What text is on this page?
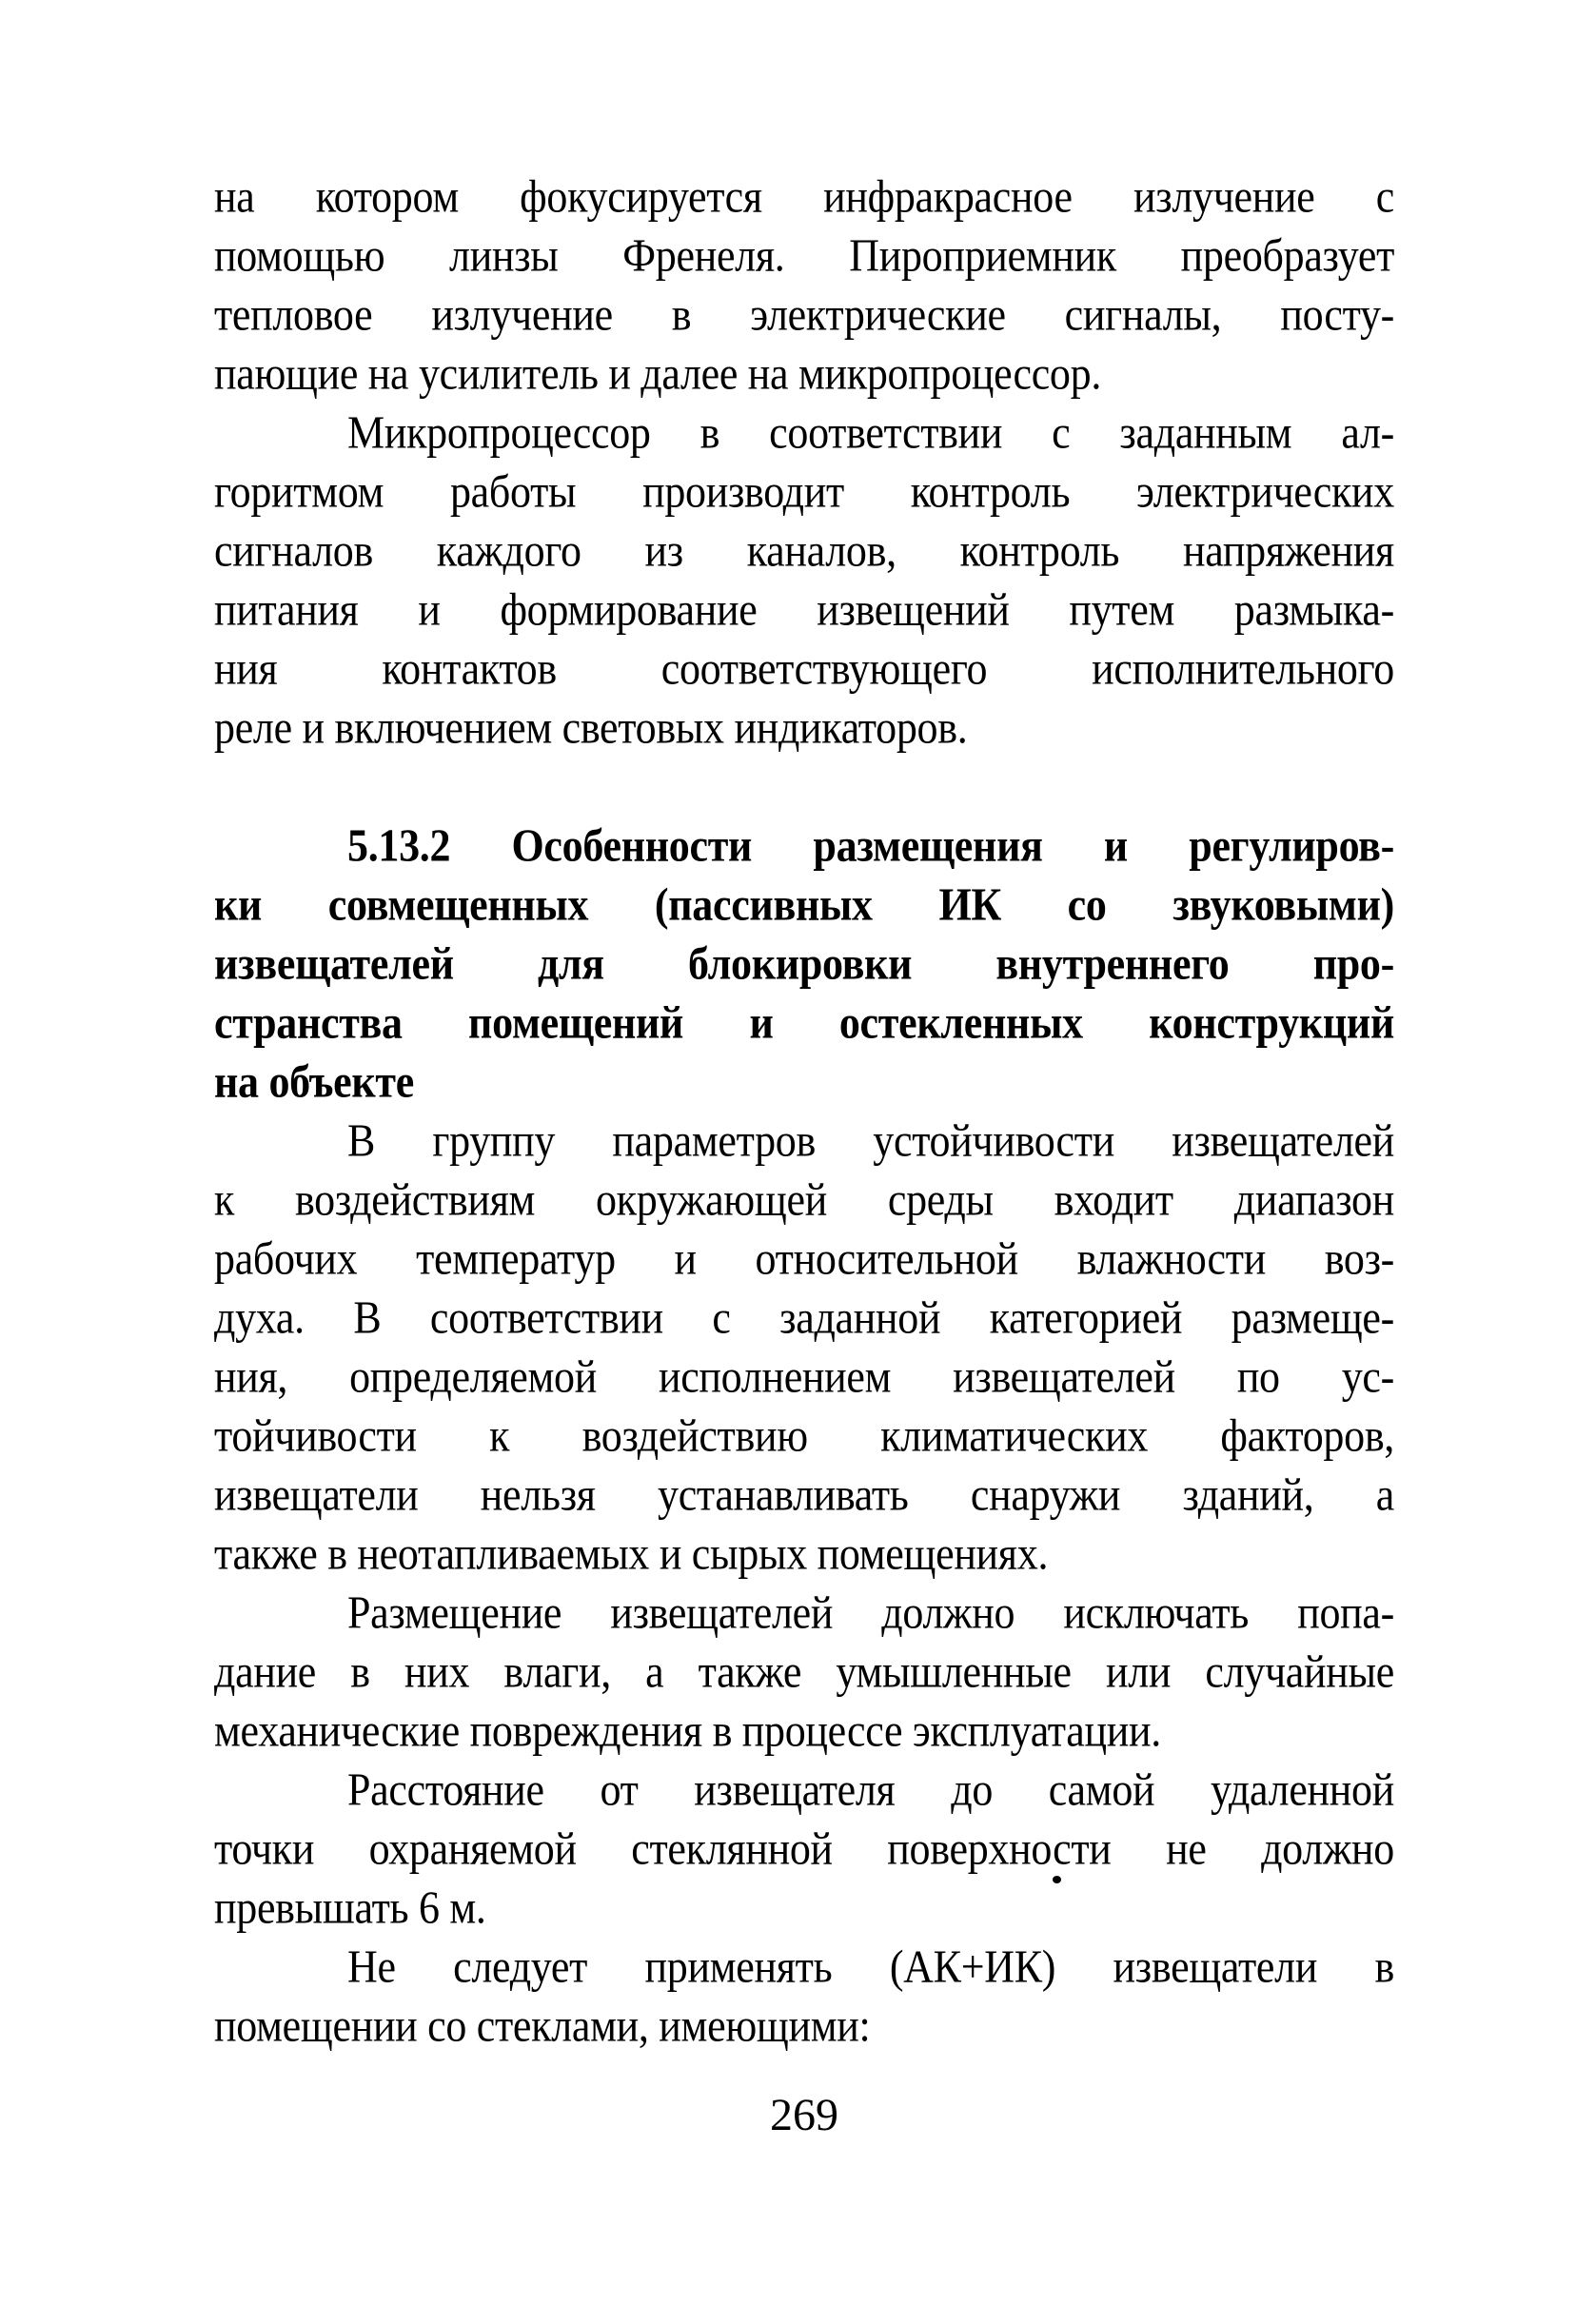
на котором фокусируется инфракрасное излучение с
помощью линзы Френеля. Пироприемник преобразует
тепловое излучение в электрические сигналы, посту-
пающие на усилитель и далее на микропроцессор.
Микропроцессор в соответствии с заданным ал-
горитмом работы производит контроль электрических
сигналов каждого из каналов, контроль напряжения
питания и формирование извещений путем размыка-
ния контактов соответствующего исполнительного
реле и включением световых индикаторов.
5.13.2 Особенности размещения и регулиров-
ки совмещенных (пассивных ИК со звуковыми)
извещателей для блокировки внутреннего про-
странства помещений и остекленных конструкций
на объекте
В группу параметров устойчивости извещателей
к воздействиям окружающей среды входит диапазон
рабочих температур и относительной влажности воз-
духа. В соответствии с заданной категорией размеще-
ния, определяемой исполнением извещателей по ус-
тойчивости к воздействию климатических факторов,
извещатели нельзя устанавливать снаружи зданий, а
также в неотапливаемых и сырых помещениях.
Размещение извещателей должно исключать попа-
дание в них влаги, а также умышленные или случайные
механические повреждения в процессе эксплуатации.
Расстояние от извещателя до самой удаленной
точки охраняемой стеклянной поверхности не должно
превышать 6 м.
Не следует применять (АК+ИК) извещатели в
помещении со стеклами, имеющими:
269
